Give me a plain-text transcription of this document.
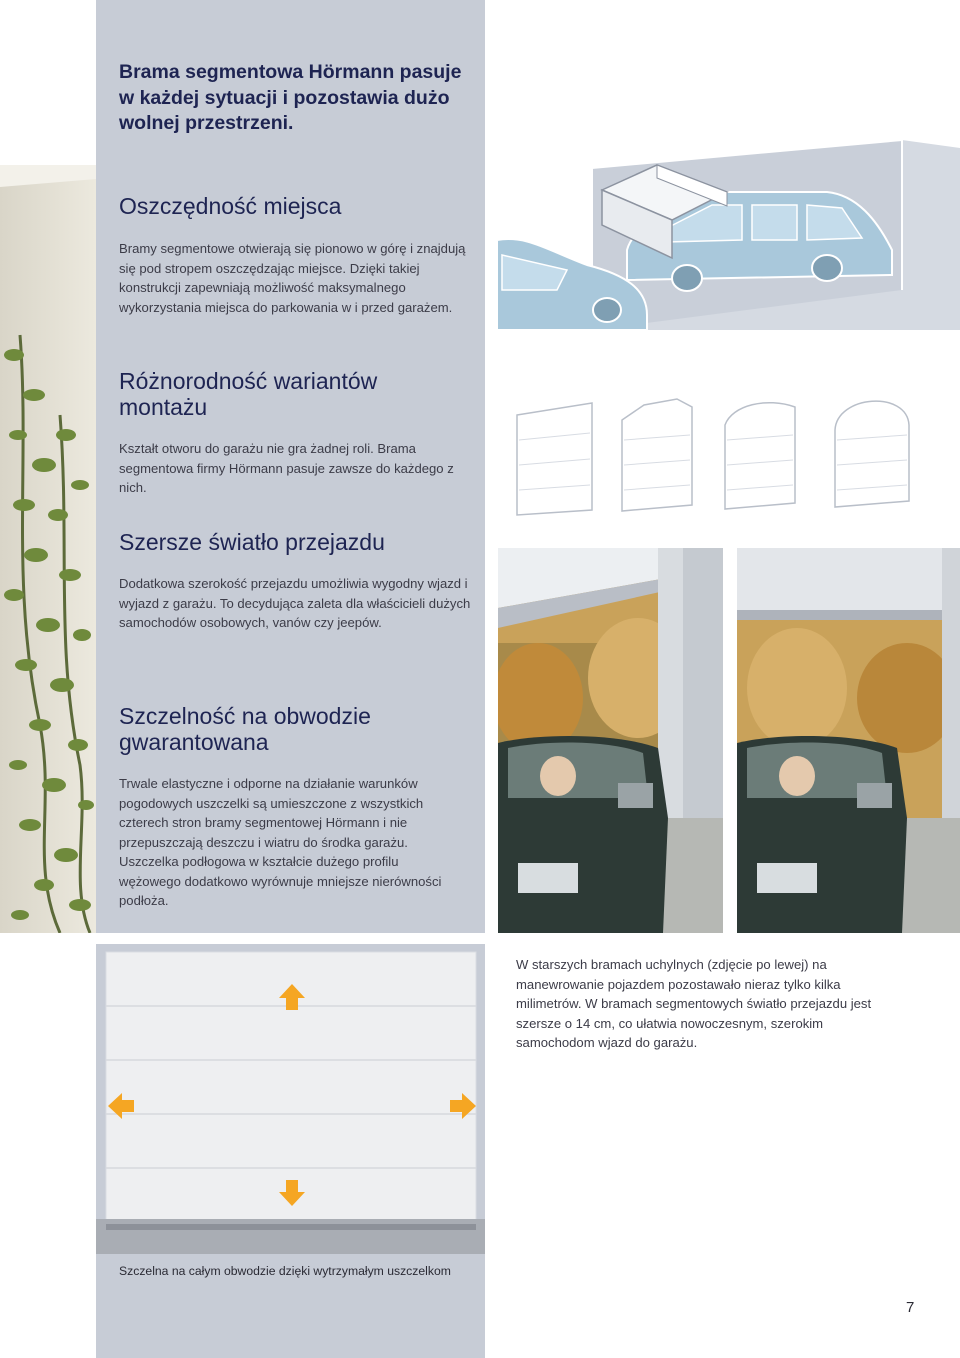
Brama segmentowa Hörmann pasuje w każdej sytuacji i pozostawia dużo wolnej przestrzeni.
Oszczędność miejsca
Bramy segmentowe otwierają się pionowo w górę i znajdują się pod stropem oszczędzając miejsce. Dzięki takiej konstrukcji zapewniają możliwość maksymalnego wykorzystania miejsca do parkowania w i przed garażem.
Różnorodność wariantów montażu
Kształt otworu do garażu nie gra żadnej roli. Brama segmentowa firmy Hörmann pasuje zawsze do każdego z nich.
Szersze światło przejazdu
Dodatkowa szerokość przejazdu umożliwia wygodny wjazd i wyjazd z garażu. To decydująca zaleta dla właścicieli dużych samochodów osobowych, vanów czy jeepów.
Szczelność na obwodzie gwarantowana
Trwale elastyczne i odporne na działanie warunków pogodowych uszczelki są umieszczone z wszystkich czterech stron bramy segmentowej Hörmann i nie przepuszczają deszczu i wiatru do środka garażu. Uszczelka podłogowa w kształcie dużego profilu wężowego dodatkowo wyrównuje mniejsze nierówności podłoża.
Szczelna na całym obwodzie dzięki wytrzymałym uszczelkom
W starszych bramach uchylnych (zdjęcie po lewej) na manewrowanie pojazdem pozostawało nieraz tylko kilka milimetrów. W bramach segmentowych światło przejazdu jest szersze o 14 cm, co ułatwia nowoczesnym, szerokim samochodom wjazd do garażu.
7
